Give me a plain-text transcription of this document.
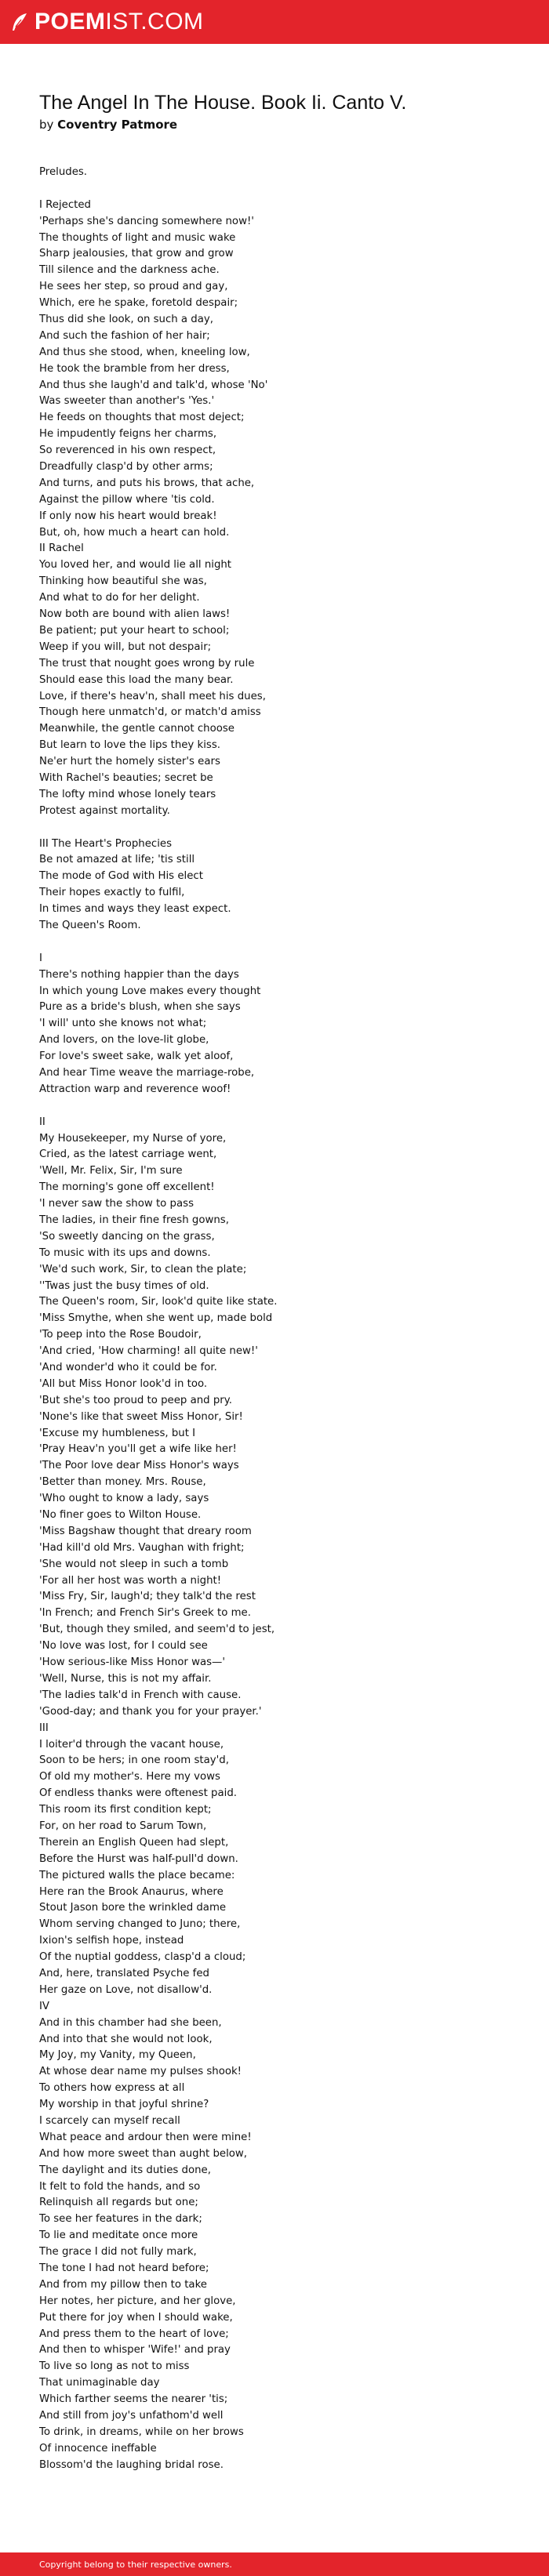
POEMIST.COM
The Angel In The House. Book Ii. Canto V.
by Coventry Patmore
Preludes.
I Rejected
'Perhaps she's dancing somewhere now!'
The thoughts of light and music wake
Sharp jealousies, that grow and grow
Till silence and the darkness ache.
He sees her step, so proud and gay,
Which, ere he spake, foretold despair;
Thus did she look, on such a day,
And such the fashion of her hair;
And thus she stood, when, kneeling low,
He took the bramble from her dress,
And thus she laugh'd and talk'd, whose 'No'
Was sweeter than another's 'Yes.'
He feeds on thoughts that most deject;
He impudently feigns her charms,
So reverenced in his own respect,
Dreadfully clasp'd by other arms;
And turns, and puts his brows, that ache,
Against the pillow where 'tis cold.
If only now his heart would break!
But, oh, how much a heart can hold.
II Rachel
You loved her, and would lie all night
Thinking how beautiful she was,
And what to do for her delight.
Now both are bound with alien laws!
Be patient; put your heart to school;
Weep if you will, but not despair;
The trust that nought goes wrong by rule
Should ease this load the many bear.
Love, if there's heav'n, shall meet his dues,
Though here unmatch'd, or match'd amiss
Meanwhile, the gentle cannot choose
But learn to love the lips they kiss.
Ne'er hurt the homely sister's ears
With Rachel's beauties; secret be
The lofty mind whose lonely tears
Protest against mortality.
III The Heart's Prophecies
Be not amazed at life; 'tis still
The mode of God with His elect
Their hopes exactly to fulfil,
In times and ways they least expect.
The Queen's Room.
I
There's nothing happier than the days
In which young Love makes every thought
Pure as a bride's blush, when she says
'I will' unto she knows not what;
And lovers, on the love-lit globe,
For love's sweet sake, walk yet aloof,
And hear Time weave the marriage-robe,
Attraction warp and reverence woof!
II
My Housekeeper, my Nurse of yore,
Cried, as the latest carriage went,
'Well, Mr. Felix, Sir, I'm sure
The morning's gone off excellent!
'I never saw the show to pass
The ladies, in their fine fresh gowns,
'So sweetly dancing on the grass,
To music with its ups and downs.
'We'd such work, Sir, to clean the plate;
''Twas just the busy times of old.
The Queen's room, Sir, look'd quite like state.
'Miss Smythe, when she went up, made bold
'To peep into the Rose Boudoir,
'And cried, 'How charming! all quite new!'
'And wonder'd who it could be for.
'All but Miss Honor look'd in too.
'But she's too proud to peep and pry.
'None's like that sweet Miss Honor, Sir!
'Excuse my humbleness, but I
'Pray Heav'n you'll get a wife like her!
'The Poor love dear Miss Honor's ways
'Better than money. Mrs. Rouse,
'Who ought to know a lady, says
'No finer goes to Wilton House.
'Miss Bagshaw thought that dreary room
'Had kill'd old Mrs. Vaughan with fright;
'She would not sleep in such a tomb
'For all her host was worth a night!
'Miss Fry, Sir, laugh'd; they talk'd the rest
'In French; and French Sir's Greek to me.
'But, though they smiled, and seem'd to jest,
'No love was lost, for I could see
'How serious-like Miss Honor was—'
'Well, Nurse, this is not my affair.
'The ladies talk'd in French with cause.
'Good-day; and thank you for your prayer.'
III
I loiter'd through the vacant house,
Soon to be hers; in one room stay'd,
Of old my mother's. Here my vows
Of endless thanks were oftenest paid.
This room its first condition kept;
For, on her road to Sarum Town,
Therein an English Queen had slept,
Before the Hurst was half-pull'd down.
The pictured walls the place became:
Here ran the Brook Anaurus, where
Stout Jason bore the wrinkled dame
Whom serving changed to Juno; there,
Ixion's selfish hope, instead
Of the nuptial goddess, clasp'd a cloud;
And, here, translated Psyche fed
Her gaze on Love, not disallow'd.
IV
And in this chamber had she been,
And into that she would not look,
My Joy, my Vanity, my Queen,
At whose dear name my pulses shook!
To others how express at all
My worship in that joyful shrine?
I scarcely can myself recall
What peace and ardour then were mine!
And how more sweet than aught below,
The daylight and its duties done,
It felt to fold the hands, and so
Relinquish all regards but one;
To see her features in the dark;
To lie and meditate once more
The grace I did not fully mark,
The tone I had not heard before;
And from my pillow then to take
Her notes, her picture, and her glove,
Put there for joy when I should wake,
And press them to the heart of love;
And then to whisper 'Wife!' and pray
To live so long as not to miss
That unimaginable day
Which farther seems the nearer 'tis;
And still from joy's unfathom'd well
To drink, in dreams, while on her brows
Of innocence ineffable
Blossom'd the laughing bridal rose.
Copyright belong to their respective owners.
